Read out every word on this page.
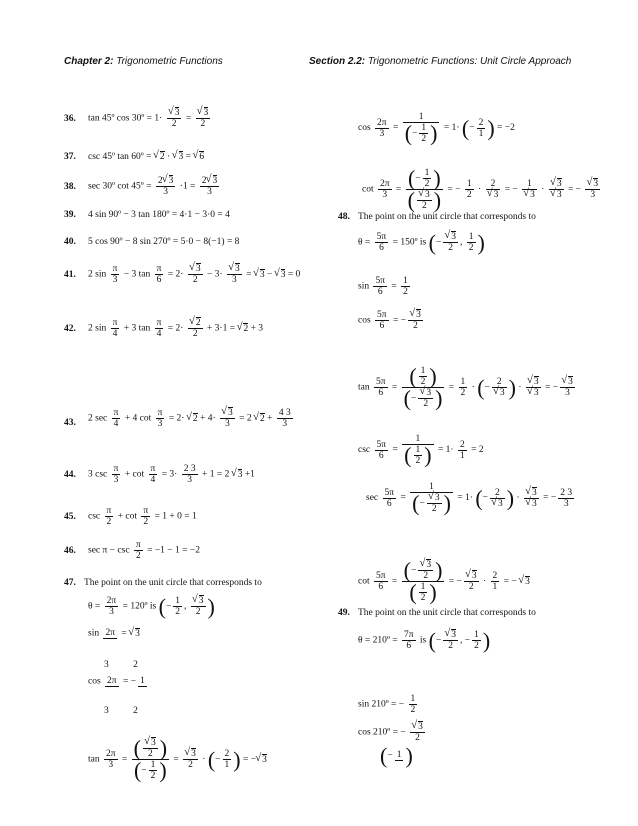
Chapter 2: Trigonometric Functions	Section 2.2: Trigonometric Functions: Unit Circle Approach
36. tan 45º cos 30º = 1·
√ $\frac{3}{2}$ =
√ $\frac{3}{2}$
37. csc 45º tan 60º = √ 2 · √ 3 = √ 6
38. sec 30º cot 45º = $\frac{2√ 3}{3} \cdot 1 = \frac{2√ 3}{3}$
39. 4 sin 90º − 3 tan 180º = 4·1 − 3·0 = 4
40. 5 cos 90º − 8 sin 270º = 5·0 − 8(−1) = 8
41. 2 $\sin \frac{\pi}{3} - 3$ $\tan \frac{\pi}{6} = 2\cdot$
√ $\frac{3}{2} - 3\cdot$
√ $\frac{3}{3}$ = √ 3 − √ 3 = 0
42. 2 $\sin \frac{\pi}{4} + 3$ $\tan \frac{\pi}{4} = 2\cdot$
√ $\frac{2}{2} + 3\cdot 1$ = √ 2 + 3
43. 2 $\sec \frac{\pi}{4} + 4$ $\cot \frac{\pi}{3} = 2\cdot$ √ 2 + 4·
√ $\frac{3}{3} = 2$ √ $2 + \frac{4 3}{3}$
44. 3 $\csc \frac{\pi}{3} + \cot \frac{\pi}{4} = 3\cdot \frac{2 3}{3} + 1 = 2$ √ 3 +1
45. $\csc \frac{\pi}{2} + \cot \frac{\pi}{2} = 1 + 0 = 1$
46. $\sec \pi - \csc \frac{\pi}{2} = -1 - 1 = -2$
47. The point on the unit circle that corresponds to
$\theta = \frac{2\pi}{3}$ = 120º is (− $\frac{1}{2}$ ,
√ $\frac{3}{2}$ )
sin 2π = √ 3
3	2
cos 2π = − 1
3	2
$\tan \frac{2\pi}{3}$ = (
√ $\frac{3}{2}$ )
(− $\frac{1}{2}$ ) =
√ $\frac{3}{2}$ · (− $\frac{2}{1}$ ) = −√ 3
$\cos \frac{2\pi}{3} = \frac{1}{(- \frac{1}{2} )} = 1\cdot$ (− $\frac{2}{1}$ ) = −2
$\cot \frac{2\pi}{3}$ = (− $\frac{1}{2}$ )
(
√ $\frac{3}{2}$ ) = − $\frac{1}{2} \cdot 2$
√ 3 = − 1
√ 3 ·
√ 3
√ 3 = −
√ $\frac{3}{3}$
48. The point on the unit circle that corresponds to
$\theta = \frac{5\pi}{6}$ = 150º is (−
√ $\frac{3}{2}$ , $\frac{1}{2}$ )
$\sin \frac{5\pi}{6} = \frac{1}{2}$
$\cos \frac{5\pi}{6}$ = −
√ $\frac{3}{2}$
$\tan \frac{5\pi}{6}$ = ( $\frac{1}{2}$ )
(−
√ $\frac{3}{2}$ ) = $\frac{1}{2}$ · (− 2
√ 3 ) ·
√ 3
√ 3 = −
√ $\frac{3}{3}$
$\csc \frac{5\pi}{6} = \frac{1}{( \frac{1}{2} )} = 1\cdot \frac{2}{1} = 2$
$\sec \frac{5\pi}{6} = 1$
(−
√ $\frac{3}{2}$ ) = 1· (− 2
√ 3 ) ·
√ 3
√ 3 = − $\frac{2 3}{3}$
$\cot \frac{5\pi}{6}$ = (−
√ $\frac{3}{2}$ )
( $\frac{1}{2}$ ) = −
√ $\frac{3}{2} \cdot \frac{2}{1}$ = − √ 3
49. The point on the unit circle that corresponds to
θ = 210º = $\frac{7\pi}{6}$ is (−
√ $\frac{3}{2}$ , − $\frac{1}{2}$ )
sin 210º = − $\frac{1}{2}$
cos 210º = −
√ $\frac{3}{2}$
(− 1 )
